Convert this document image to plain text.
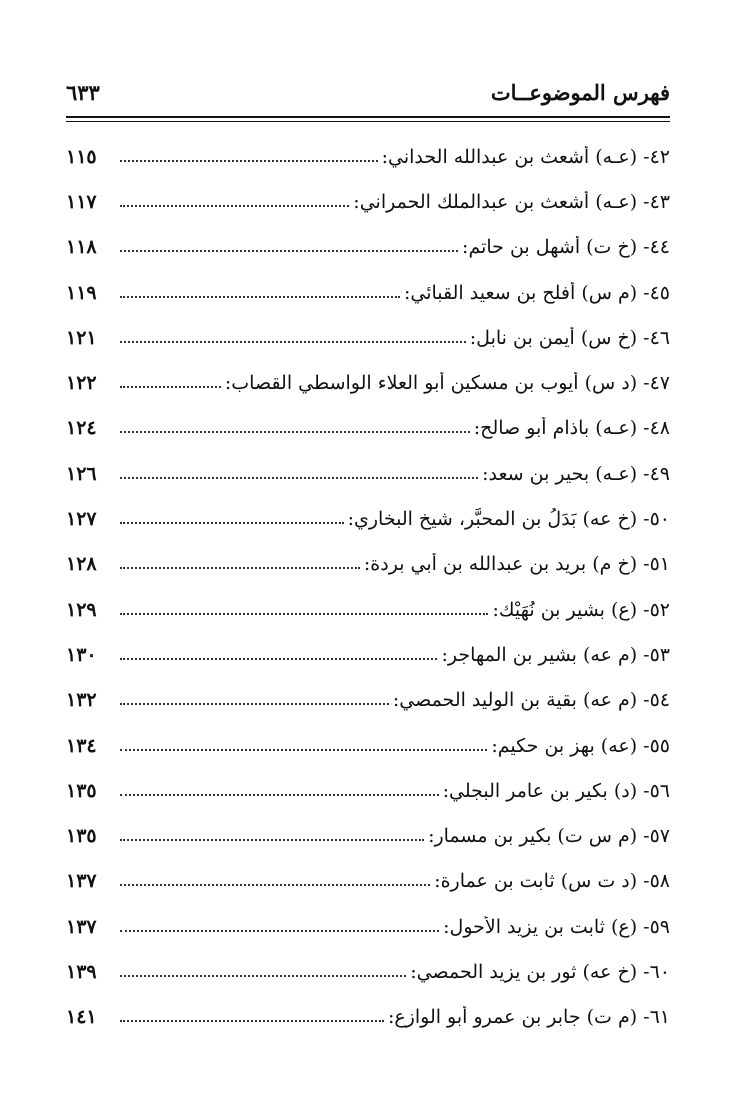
فهرس الموضوعــات
٦٣٣
٤٢-
(عـه) أشعث بن عبدالله الحداني:
١١٥
٤٣-
(عـه) أشعث بن عبدالملك الحمراني:
١١٧
٤٤-
(خ ت) أشهل بن حاتم:
١١٨
٤٥-
(م س) أفلح بن سعيد القبائي:
١١٩
٤٦-
(خ س) أيمن بن نابل:
١٢١
٤٧-
(د س) أيوب بن مسكين أبو العلاء الواسطي القصاب:
١٢٢
٤٨-
(عـه) باذام أبو صالح:
١٢٤
٤٩-
(عـه) بحير بن سعد:
١٢٦
٥٠-
(خ عه) بَدَلُ بن المحبَّر، شيخ البخاري:
١٢٧
٥١-
(خ م) بريد بن عبدالله بن أبي بردة:
١٢٨
٥٢-
(ع) بشير بن نُهَيْك:
١٢٩
٥٣-
(م عه) بشير بن المهاجر:
١٣٠
٥٤-
(م عه) بقية بن الوليد الحمصي:
١٣٢
٥٥-
(عه) بهز بن حكيم:
١٣٤
٥٦-
(د) بكير بن عامر البجلي:
١٣٥
٥٧-
(م س ت) بكير بن مسمار:
١٣٥
٥٨-
(د ت س) ثابت بن عمارة:
١٣٧
٥٩-
(ع) ثابت بن يزيد الأحول:
١٣٧
٦٠-
(خ عه) ثور بن يزيد الحمصي:
١٣٩
٦١-
(م ت) جابر بن عمرو أبو الوازع:
١٤١
